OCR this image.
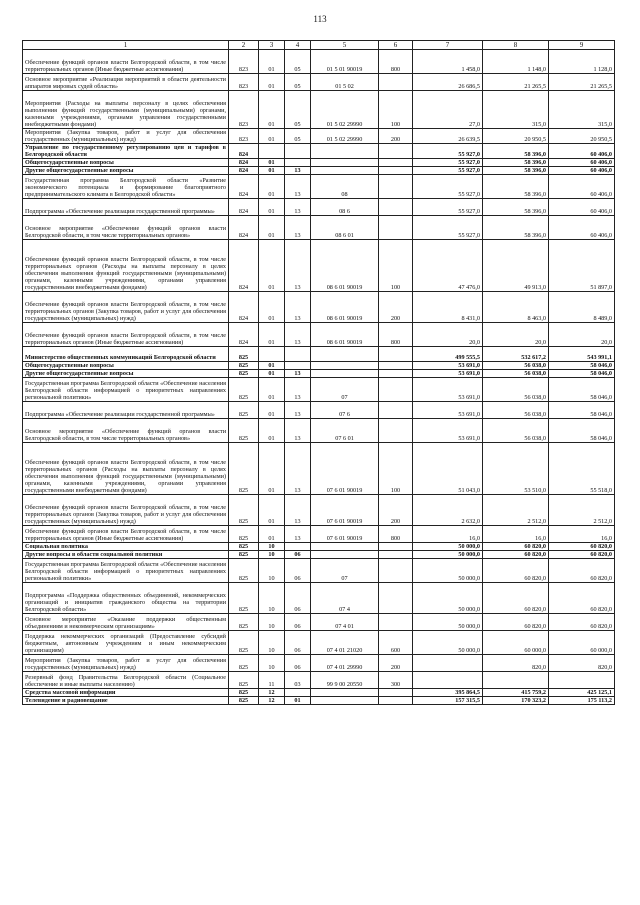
113
1	2	3	4	5	6	7	8	9
Обеспечение функций органов власти Белгородской области, в том числе территориальных органов (Иные бюджетные ассигнования)	823	01	05	01 5 01 90019	800	1 458,0	1 148,0	1 128,0
Основное мероприятие «Реализация мероприятий в области деятельности аппаратов мировых судей области»	823	01	05	01 5 02		26 686,5	21 265,5	21 265,5
Мероприятия (Расходы на выплаты персоналу в целях обеспечения выполнения функций государственными (муниципальными) органами, казенными учреждениями, органами управления государственными внебюджетными фондами)	823	01	05	01 5 02 29990	100	27,0	315,0	315,0
Мероприятия (Закупка товаров, работ и услуг для обеспечения государственных (муниципальных) нужд)	823	01	05	01 5 02 29990	200	26 639,5	20 950,5	20 950,5
Управление по государственному регулированию цен и тарифов в Белгородской области	824					55 927,0	58 396,0	60 406,0
Общегосударственные вопросы	824	01				55 927,0	58 396,0	60 406,0
Другие общегосударственные вопросы	824	01	13			55 927,0	58 396,0	60 406,0
Государственная программа Белгородской области «Развитие экономического потенциала и формирование благоприятного предпринимательского климата в Белгородской области»	824	01	13	08		55 927,0	58 396,0	60 406,0
Подпрограмма «Обеспечение реализации государственной программы»	824	01	13	08 6		55 927,0	58 396,0	60 406,0
Основное мероприятие «Обеспечение функций органов власти Белгородской области, в том числе территориальных органов»	824	01	13	08 6 01		55 927,0	58 396,0	60 406,0
Обеспечение функций органов власти Белгородской области, в том числе территориальных органов (Расходы на выплаты персоналу в целях обеспечения выполнения функций государственными (муниципальными) органами, казенными учреждениями, органами управления государственными внебюджетными фондами)	824	01	13	08 6 01 90019	100	47 476,0	49 913,0	51 897,0
Обеспечение функций органов власти Белгородской области, в том числе территориальных органов (Закупка товаров, работ и услуг для обеспечения государственных (муниципальных) нужд)	824	01	13	08 6 01 90019	200	8 431,0	8 463,0	8 489,0
Обеспечение функций органов власти Белгородской области, в том числе территориальных органов (Иные бюджетные ассигнования)	824	01	13	08 6 01 90019	800	20,0	20,0	20,0
Министерство общественных коммуникаций Белгородской области	825					499 555,5	532 617,2	543 991,1
Общегосударственные вопросы	825	01				53 691,0	56 038,0	58 046,0
Другие общегосударственные вопросы	825	01	13			53 691,0	56 038,0	58 046,0
Государственная программа Белгородской области «Обеспечение населения Белгородской области информацией о приоритетных направлениях региональной политики»	825	01	13	07		53 691,0	56 038,0	58 046,0
Подпрограмма «Обеспечение реализации государственной программы»	825	01	13	07 6		53 691,0	56 038,0	58 046,0
Основное мероприятие «Обеспечение функций органов власти Белгородской области, в том числе территориальных органов»	825	01	13	07 6 01		53 691,0	56 038,0	58 046,0
Обеспечение функций органов власти Белгородской области, в том числе территориальных органов (Расходы на выплаты персоналу в целях обеспечения выполнения функций государственными (муниципальными) органами, казенными учреждениями, органами управления государственными внебюджетными фондами)	825	01	13	07 6 01 90019	100	51 043,0	53 510,0	55 518,0
Обеспечение функций органов власти Белгородской области, в том числе территориальных органов (Закупка товаров, работ и услуг для обеспечения государственных (муниципальных) нужд)	825	01	13	07 6 01 90019	200	2 632,0	2 512,0	2 512,0
Обеспечение функций органов власти Белгородской области, в том числе территориальных органов (Иные бюджетные ассигнования)	825	01	13	07 6 01 90019	800	16,0	16,0	16,0
Социальная политика	825	10				50 000,0	60 820,0	60 820,0
Другие вопросы в области социальной политики	825	10	06			50 000,0	60 820,0	60 820,0
Государственная программа Белгородской области «Обеспечение населения Белгородской области информацией о приоритетных направлениях региональной политики»	825	10	06	07		50 000,0	60 820,0	60 820,0
Подпрограмма «Поддержка общественных объединений, некоммерческих организаций и инициатив гражданского общества на территории Белгородской области»	825	10	06	07 4		50 000,0	60 820,0	60 820,0
Основное мероприятие «Оказание поддержки общественным объединениям и некоммерческим организациям»	825	10	06	07 4 01		50 000,0	60 820,0	60 820,0
Поддержка некоммерческих организаций (Предоставление субсидий бюджетным, автономным учреждениям и иным некоммерческим организациям)	825	10	06	07 4 01 21020	600	50 000,0	60 000,0	60 000,0
Мероприятия (Закупка товаров, работ и услуг для обеспечения государственных (муниципальных) нужд)	825	10	06	07 4 01 29990	200		820,0	820,0
Резервный фонд Правительства Белгородской области (Социальное обеспечение и иные выплаты населению)	825	11	03	99 9 00 20550	300			
Средства массовой информации	825	12				395 864,5	415 759,2	425 125,1
Телевидение и радиовещание	825	12	01			157 315,5	170 323,2	175 113,2
